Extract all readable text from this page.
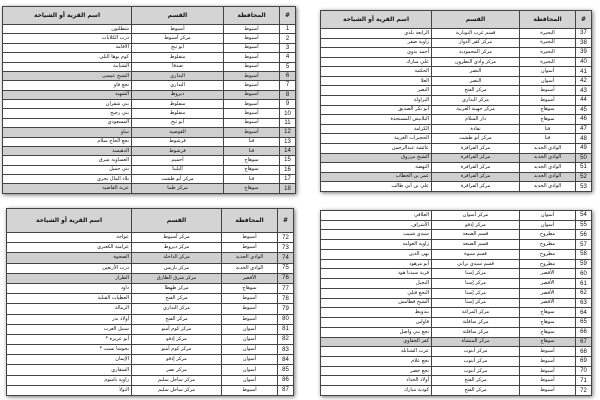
#	المحافظة	القسم	اسم القرية أو الشياخة
1	أسيوط	أسيوط	شطلتون
2	أسيوط	مركز أسيوط	درب الكلابات
3	أسيوط	أبو تيج	الاقامة
4	أسيوط	منفلوط	كوم بوها البلي
5	أسيوط	صدفا	الشناينة
6	أسيوط	البداري	الشيخ عيسى
7	أسيوط	البداري	تجع فاو
8	أسيوط	ديروط	الشهبة
9	أسيوط	منفلوط	بني شقران
10	أسيوط	منفلوط	بني رجيح
11	أسيوط	أبو تيج	المسعودي
12	أسيوط	القوصية	ساو
13	قنا	فرشوط	نجع الحاج سلام
14	قنا	فرشوط	الدهيسة
15	سوهاج	أخميم	العساوية شرق
16	سوهاج	البلينا	بني حميل
17	قنا	مركز أبو طشت	بلاد المال بحري
18	سوهاج	مركز طما	عزبة القاضية
#	المحافظة	القسم	اسم القرية أو الشياخة
37	البحيرة	قسم غرب النوبارية	الرابعة بلدي
38	البحيرة	مركز كفر الدوار	زاوية صقر
39	البحيرة	مركز المحمودية	أحمد بدوي
40	البحيرة	مركز وادي النطرون	علي مبارك
41	أسوان	النصر	الحكمة
42	أسوان	النصر	العلا
43	أسيوط	مركز الفتح	النصر
44	أسيوط	مركز البداري	البراولة
45	سوهاج	مركز جهينة الغربية	أبو بكر الصديق
46	سوهاج	دار السلام	البلابيش المستجدة
47	قنا	نقادة	الكرامة
48	قنا	مركز أبو طشت	الحجيرات الغربية
49	الوادي الجديد	مركز الفرافرة	عائشة عبدالرحمن
50	الوادي الجديد	مركز الفرافرة	الشيخ مرزوق
51	الوادي الجديد	مركز الفرافرة	النهضة
52	الوادي الجديد	مركز الفرافرة	عمر بن الخطاب
53	الوادي الجديد	مركز الفرافرة	علي بن أبي طالب
#	المحافظة	القسم	اسم القرية أو الشياخة
72	أسيوط	مركز أسيوط	عواجة
73	أسيوط	مركز ديروط	عزامية الكعبري
74	الوادي الجديد	مركز الداخلة	الصحوة
75	الوادي الجديد	مركز باريس	درب الأربعين
76	الأقصر	مركز شرق الطارق	الطراز
77	سوهاج	مركز طهطا	داود
78	أسيوط	مركز الفتح	العطيات القبلية
79	أسيوط	مركز البداري	الزمالة
80	أسيوط	مركز الفتح	أولاد بدر
81	أسوان	مركز كوم أمبو	سنبل الغرب
82	أسوان	مركز إدفو	أبو عزيزة *
83	أسوان	مركز كوم أمبو	بحوشا نسب *
84	أسوان	مركز إدفو	الإيمان
85	أسوان	مركز نصر	السقاري
86	أسوان	مركز ساحل سليم	زاوية باسوم
87	أسيوط	مركز ساحل سليم	النولا
54	أسوان	مركز أسوان	العلاقي
55	أسوان	مركز إدفو	الأشراف
56	مطروح	قسم الضبعة	سيدي شبيب
57	مطروح	قسم الضبعة	زاوية العوامة
58	مطروح	قسم سيوة	بهى الدين
59	مطروح	قسم سيدي براني	أبو مرهود
60	الأقصر	مركز إسنا	قرية سيدنا هود
61	الأقصر	مركز إسنا	النجيل
62	الأقصر	مركز إسنا	النجع قبلي
63	الأقصر	مركز إسنا	الشيخ قطامش
64	سوهاج	مركز المراغة	بندويط
65	سوهاج	مركز ساقلتة	قاولين
66	سوهاج	مركز ساقلتة	نجع بني واصل
67	سوهاج	مركز المنشأة	كفر الحقاوي
68	أسيوط	مركز أبنوب	عرب الشنابلة
69	أسيوط	مركز أبنوب	نجع علام
70	أسيوط	مركز أبنوب	نجع خضر
71	أسيوط	مركز الفتح	أولاد الحداد
72	أسيوط	مركز الفتح	كودية مبارك
